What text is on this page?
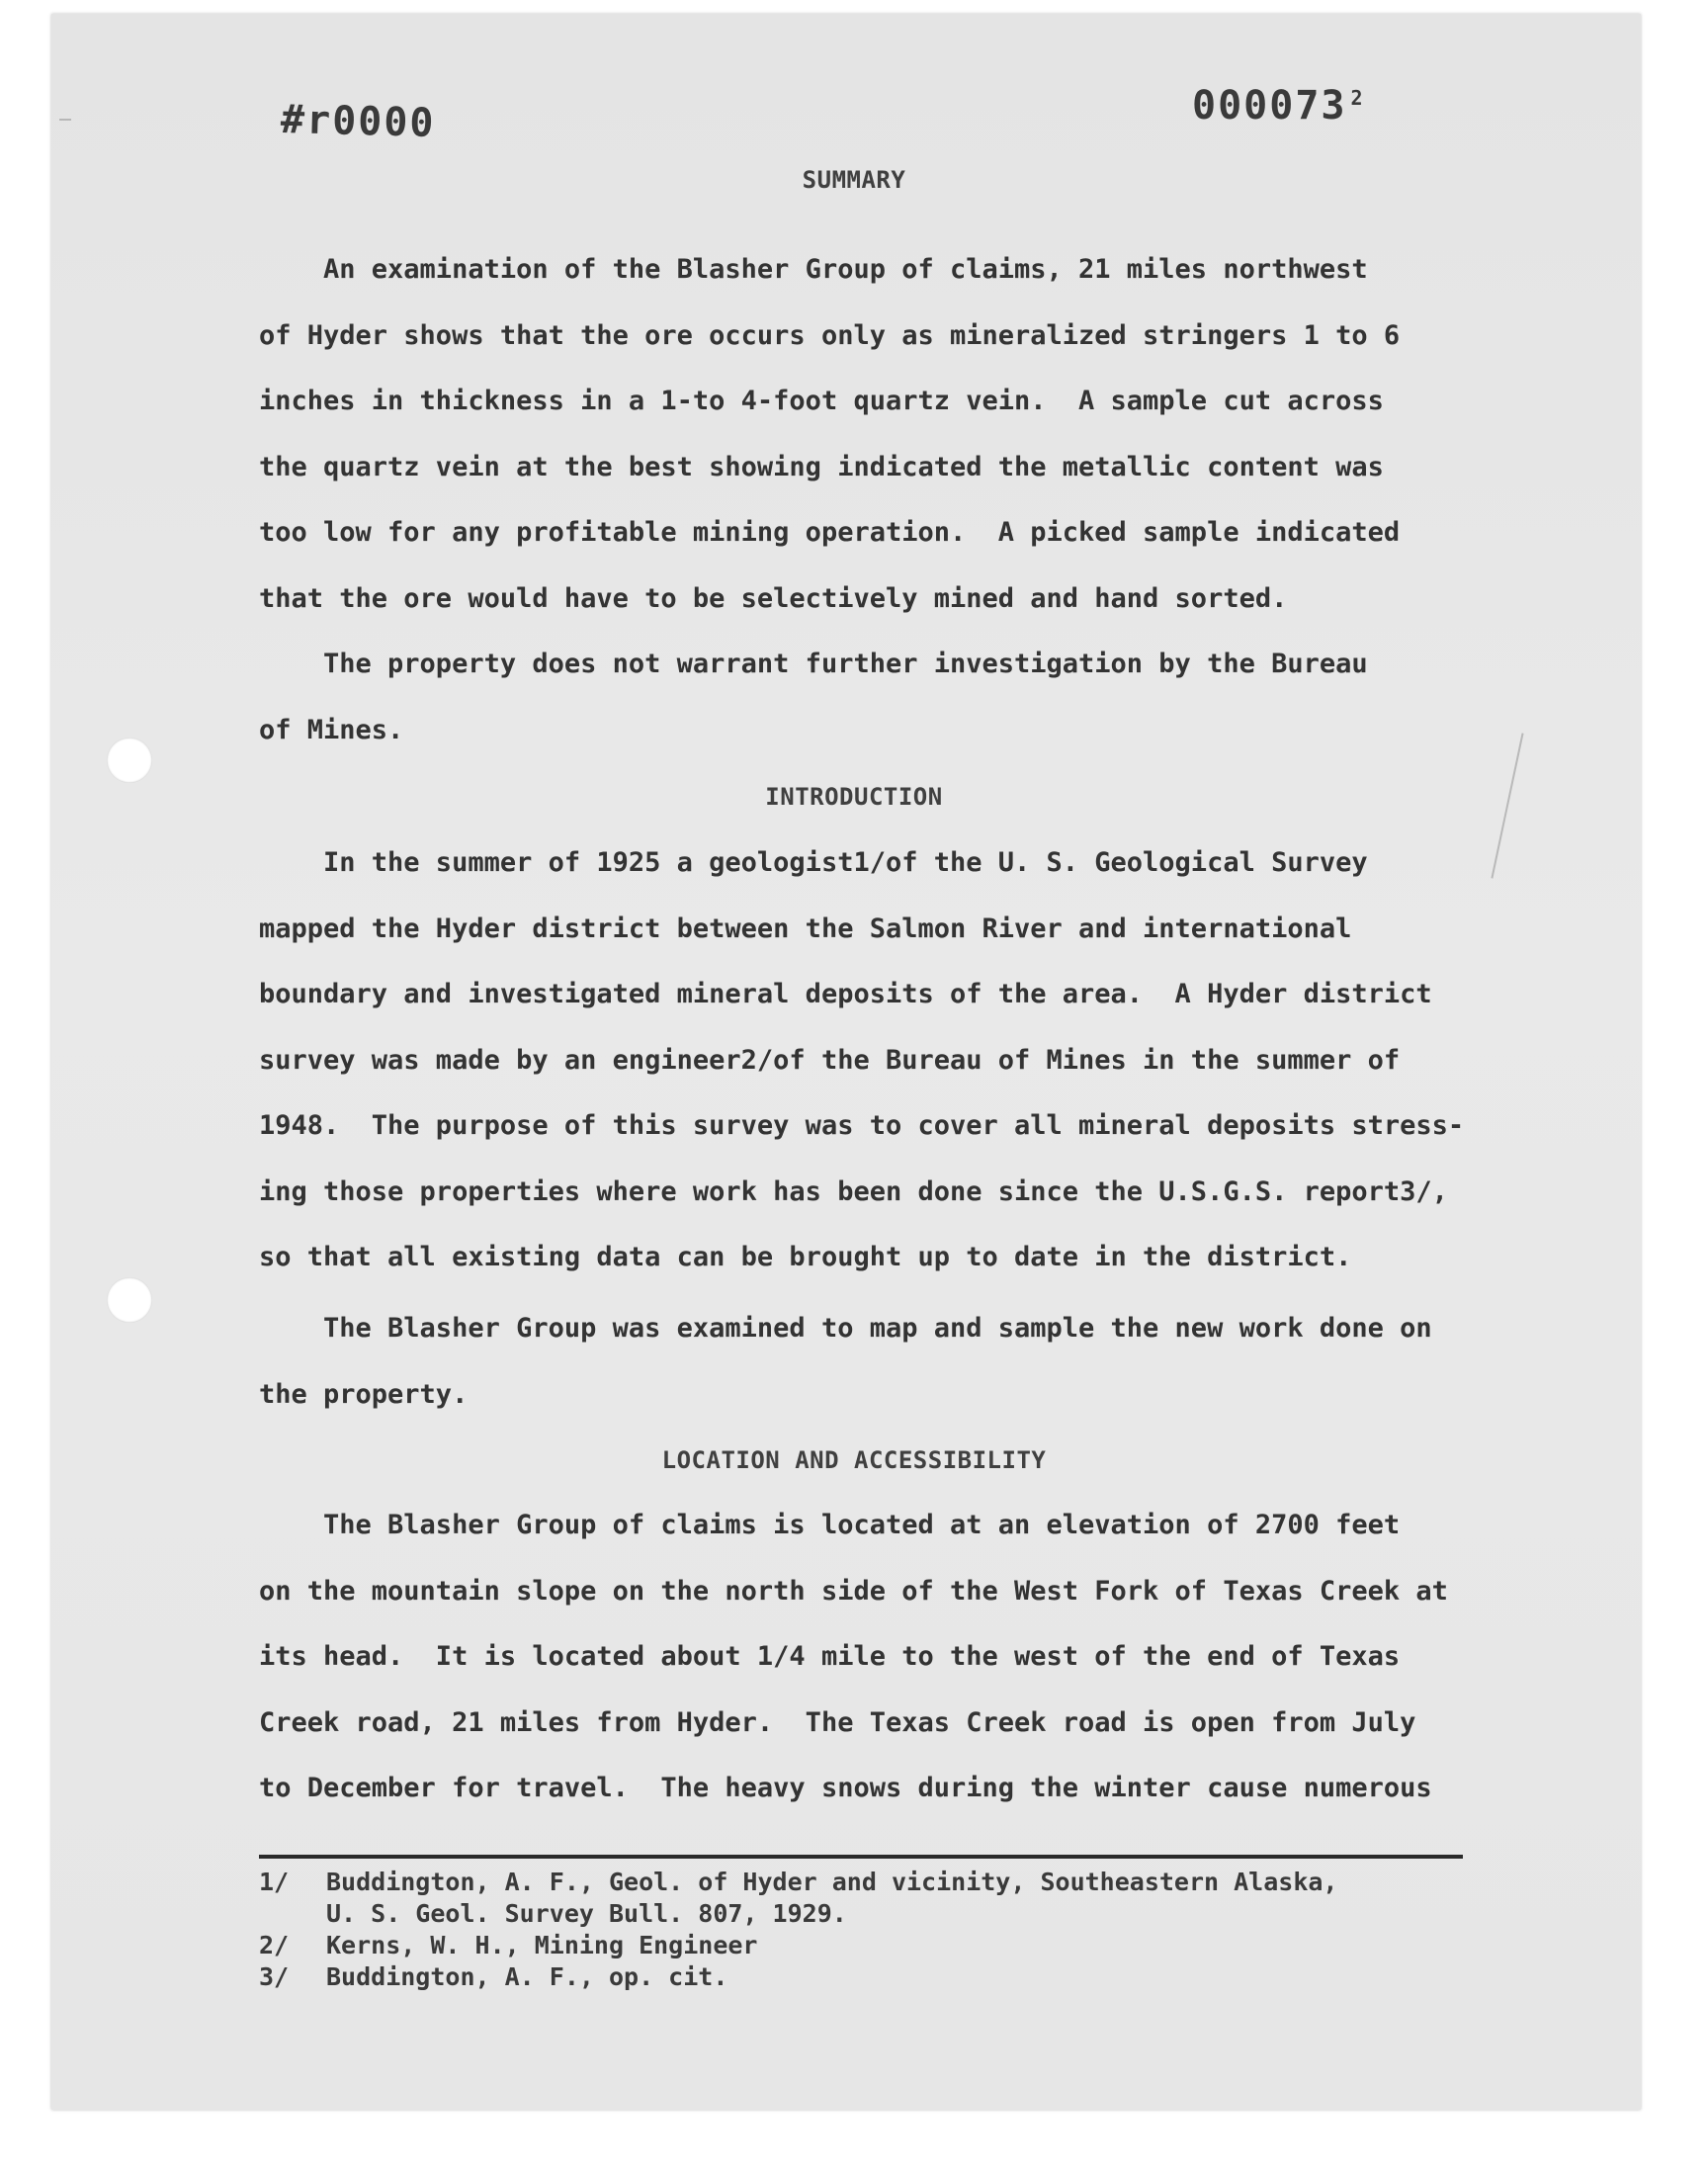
#r0000	000073 $^2$
SUMMARY
An examination of the Blasher Group of claims, 21 miles northwest
of Hyder shows that the ore occurs only as mineralized stringers 1 to 6
inches in thickness in a 1-to 4-foot quartz vein.  A sample cut across
the quartz vein at the best showing indicated the metallic content was
too low for any profitable mining operation.  A picked sample indicated
that the ore would have to be selectively mined and hand sorted.
The property does not warrant further investigation by the Bureau
of Mines.
INTRODUCTION
In the summer of 1925 a geologist1/of the U. S. Geological Survey
mapped the Hyder district between the Salmon River and international
boundary and investigated mineral deposits of the area.  A Hyder district
survey was made by an engineer2/of the Bureau of Mines in the summer of
1948.  The purpose of this survey was to cover all mineral deposits stress-
ing those properties where work has been done since the U.S.G.S. report3/,
so that all existing data can be brought up to date in the district.
The Blasher Group was examined to map and sample the new work done on
the property.
LOCATION AND ACCESSIBILITY
The Blasher Group of claims is located at an elevation of 2700 feet
on the mountain slope on the north side of the West Fork of Texas Creek at
its head.  It is located about 1/4 mile to the west of the end of Texas
Creek road, 21 miles from Hyder.  The Texas Creek road is open from July
to December for travel.  The heavy snows during the winter cause numerous
1/	Buddington, A. F., Geol. of Hyder and vicinity, Southeastern Alaska,
U. S. Geol. Survey Bull. 807, 1929.
2/	Kerns, W. H., Mining Engineer
3/	Buddington, A. F., op. cit.
